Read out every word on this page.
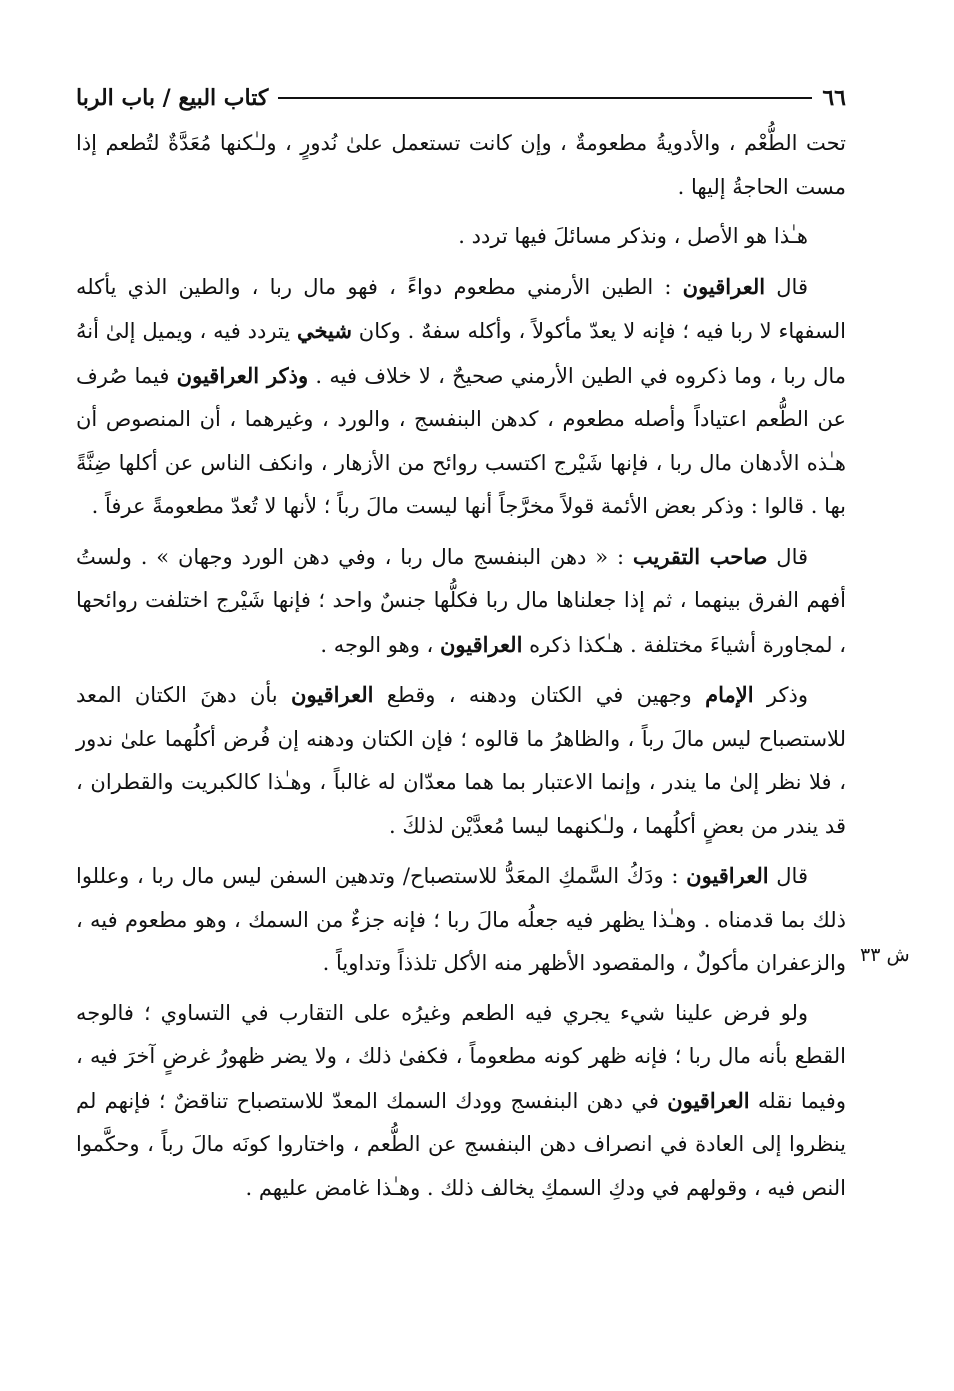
٦٦
كتاب البيع / باب الربا

تحت الطُّعْم ، والأدويةُ مطعومةٌ ، وإن كانت تستعمل علىٰ نُدورٍ ، ولـٰكنها مُعَدَّةٌ لتُطعم إذا مست الحاجةُ إليها .

هـٰذا هو الأصل ، ونذكر مسائلَ فيها تردد .

قال العراقيون : الطين الأرمني مطعوم دواءً ، فهو مال ربا ، والطين الذي يأكله السفهاء لا ربا فيه ؛ فإنه لا يعدّ مأكولاً ، وأكله سفهٌ . وكان شيخي يتردد فيه ، ويميل إلىٰ أنهُ مال ربا ، وما ذكروه في الطين الأرمني صحيحٌ ، لا خلاف فيه . وذكر العراقيون فيما صُرف عن الطُّعم اعتياداً وأصله مطعوم ، كدهن البنفسج ، والورد ، وغيرهما ، أن المنصوص أن هـٰذه الأدهان مال ربا ، فإنها شَيْرج اكتسب روائح من الأزهار ، وانكف الناس عن أكلها ضِنَّةً بها . قالوا : وذكر بعض الأئمة قولاً مخرَّجاً أنها ليست مالَ رباً ؛ لأنها لا تُعدّ مطعومةً عرفاً .

قال صاحب التقريب : « دهن البنفسج مال ربا ، وفي دهن الورد وجهان » . ولستُ أفهم الفرق بينهما ، ثم إذا جعلناها مال ربا فكلُّها جنسٌ واحد ؛ فإنها شَيْرج اختلفت روائحها ، لمجاورة أشياءَ مختلفة . هـٰكذا ذكره العراقيون ، وهو الوجه .

وذكر الإمام وجهين في الكتان ودهنه ، وقطع العراقيون بأن دهنَ الكتان المعد للاستصباح ليس مالَ رباً ، والظاهرُ ما قالوه ؛ فإن الكتان ودهنه إن فُرض أكلُهما علىٰ ندور ، فلا نظر إلىٰ ما يندر ، وإنما الاعتبار بما هما معدّان له غالباً ، وهـٰذا كالكبريت والقطران ، قد يندر من بعضٍ أكلُهما ، ولـٰكنهما ليسا مُعدَّيْن لذلكَ .

قال العراقيون : ودَكُ السَّمكِ المعَدُّ للاستصباح/ وتدهين السفن ليس مال ربا ، وعللوا ذلك بما قدمناه . وهـٰذا يظهر فيه جعلُه مالَ ربا ؛ فإنه جزءٌ من السمك ، وهو مطعوم فيه ، والزعفران مأكولٌ ، والمقصود الأظهر منه الأكل تلذذاً وتداوياً .

ولو فرض علينا شيء يجري فيه الطعم وغيرُه على التقارب في التساوي ؛ فالوجه القطع بأنه مال ربا ؛ فإنه ظهر كونه مطعوماً ، فكفىٰ ذلك ، ولا يضر ظهورُ غرضٍ آخرَ فيه ، وفيما نقله العراقيون في دهن البنفسج وودك السمك المعدّ للاستصباح تناقضٌ ؛ فإنهم لم ينظروا إلى العادة في انصراف دهن البنفسج عن الطُّعم ، واختاروا كونَه مالَ رباً ، وحكَّموا النص فيه ، وقولهم في ودكِ السمكِ يخالف ذلك . وهـٰذا غامض عليهم .

ش ٣٣
